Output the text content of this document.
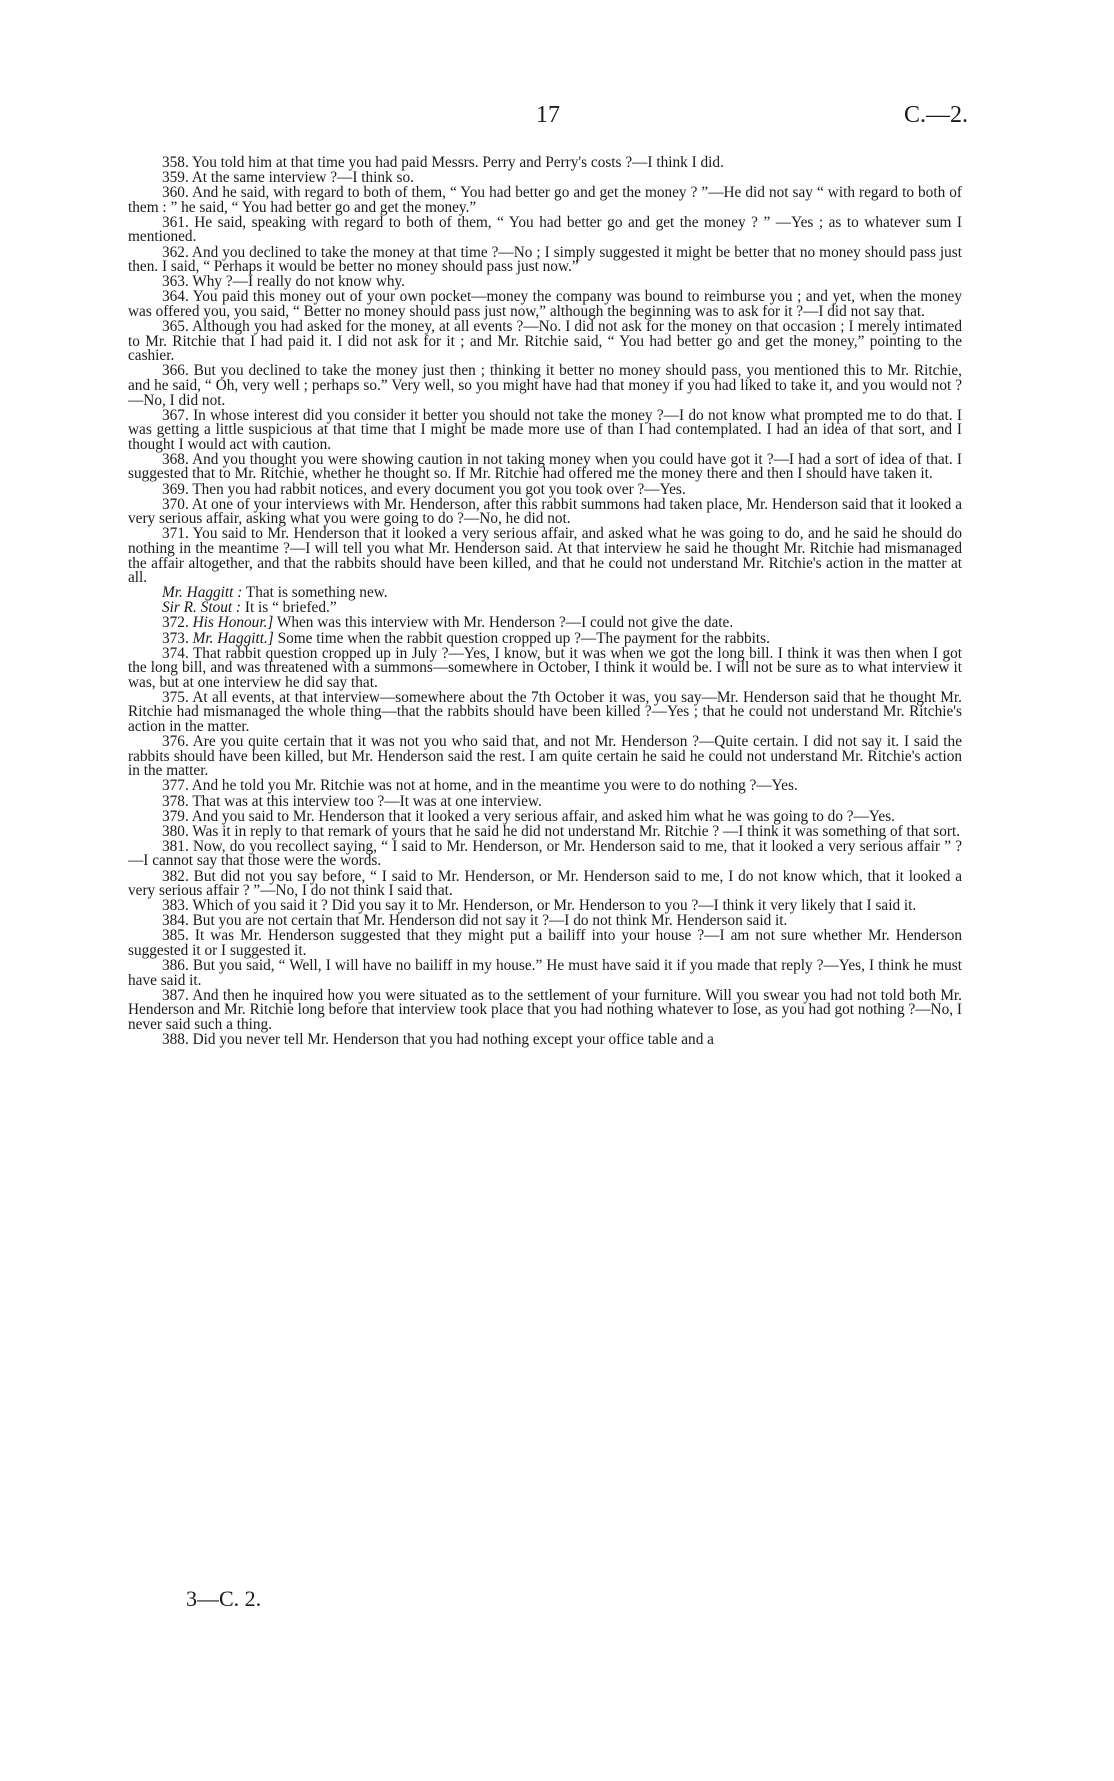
17	C.—2.

358. You told him at that time you had paid Messrs. Perry and Perry's costs ?—I think I did.

359. At the same interview ?—I think so.

360. And he said, with regard to both of them, “ You had better go and get the money ? ”—He did not say “ with regard to both of them : ” he said, “ You had better go and get the money.”

361. He said, speaking with regard to both of them, “ You had better go and get the money ? ” —Yes ; as to whatever sum I mentioned.

362. And you declined to take the money at that time ?—No ; I simply suggested it might be better that no money should pass just then. I said, “ Perhaps it would be better no money should pass just now.”

363. Why ?—I really do not know why.

364. You paid this money out of your own pocket—money the company was bound to reimburse you ; and yet, when the money was offered you, you said, “ Better no money should pass just now,” although the beginning was to ask for it ?—I did not say that.

365. Although you had asked for the money, at all events ?—No. I did not ask for the money on that occasion ; I merely intimated to Mr. Ritchie that I had paid it. I did not ask for it ; and Mr. Ritchie said, “ You had better go and get the money,” pointing to the cashier.

366. But you declined to take the money just then ; thinking it better no money should pass, you mentioned this to Mr. Ritchie, and he said, “ Oh, very well ; perhaps so.” Very well, so you might have had that money if you had liked to take it, and you would not ?—No, I did not.

367. In whose interest did you consider it better you should not take the money ?—I do not know what prompted me to do that. I was getting a little suspicious at that time that I might be made more use of than I had contemplated. I had an idea of that sort, and I thought I would act with caution.

368. And you thought you were showing caution in not taking money when you could have got it ?—I had a sort of idea of that. I suggested that to Mr. Ritchie, whether he thought so. If Mr. Ritchie had offered me the money there and then I should have taken it.

369. Then you had rabbit notices, and every document you got you took over ?—Yes.

370. At one of your interviews with Mr. Henderson, after this rabbit summons had taken place, Mr. Henderson said that it looked a very serious affair, asking what you were going to do ?—No, he did not.

371. You said to Mr. Henderson that it looked a very serious affair, and asked what he was going to do, and he said he should do nothing in the meantime ?—I will tell you what Mr. Henderson said. At that interview he said he thought Mr. Ritchie had mismanaged the affair altogether, and that the rabbits should have been killed, and that he could not understand Mr. Ritchie's action in the matter at all.

Mr. Haggitt : That is something new.

Sir R. Stout : It is “ briefed.”

372. His Honour.] When was this interview with Mr. Henderson ?—I could not give the date.

373. Mr. Haggitt.] Some time when the rabbit question cropped up ?—The payment for the rabbits.

374. That rabbit question cropped up in July ?—Yes, I know, but it was when we got the long bill. I think it was then when I got the long bill, and was threatened with a summons—somewhere in October, I think it would be. I will not be sure as to what interview it was, but at one interview he did say that.

375. At all events, at that interview—somewhere about the 7th October it was, you say—Mr. Henderson said that he thought Mr. Ritchie had mismanaged the whole thing—that the rabbits should have been killed ?—Yes ; that he could not understand Mr. Ritchie's action in the matter.

376. Are you quite certain that it was not you who said that, and not Mr. Henderson ?—Quite certain. I did not say it. I said the rabbits should have been killed, but Mr. Henderson said the rest. I am quite certain he said he could not understand Mr. Ritchie's action in the matter.

377. And he told you Mr. Ritchie was not at home, and in the meantime you were to do nothing ?—Yes.

378. That was at this interview too ?—It was at one interview.

379. And you said to Mr. Henderson that it looked a very serious affair, and asked him what he was going to do ?—Yes.

380. Was it in reply to that remark of yours that he said he did not understand Mr. Ritchie ? —I think it was something of that sort.

381. Now, do you recollect saying, “ I said to Mr. Henderson, or Mr. Henderson said to me, that it looked a very serious affair ” ?—I cannot say that those were the words.

382. But did not you say before, “ I said to Mr. Henderson, or Mr. Henderson said to me, I do not know which, that it looked a very serious affair ? ”—No, I do not think I said that.

383. Which of you said it ? Did you say it to Mr. Henderson, or Mr. Henderson to you ?—I think it very likely that I said it.

384. But you are not certain that Mr. Henderson did not say it ?—I do not think Mr. Henderson said it.

385. It was Mr. Henderson suggested that they might put a bailiff into your house ?—I am not sure whether Mr. Henderson suggested it or I suggested it.

386. But you said, “ Well, I will have no bailiff in my house.” He must have said it if you made that reply ?—Yes, I think he must have said it.

387. And then he inquired how you were situated as to the settlement of your furniture. Will you swear you had not told both Mr. Henderson and Mr. Ritchie long before that interview took place that you had nothing whatever to lose, as you had got nothing ?—No, I never said such a thing.

388. Did you never tell Mr. Henderson that you had nothing except your office table and a

3—C. 2.
